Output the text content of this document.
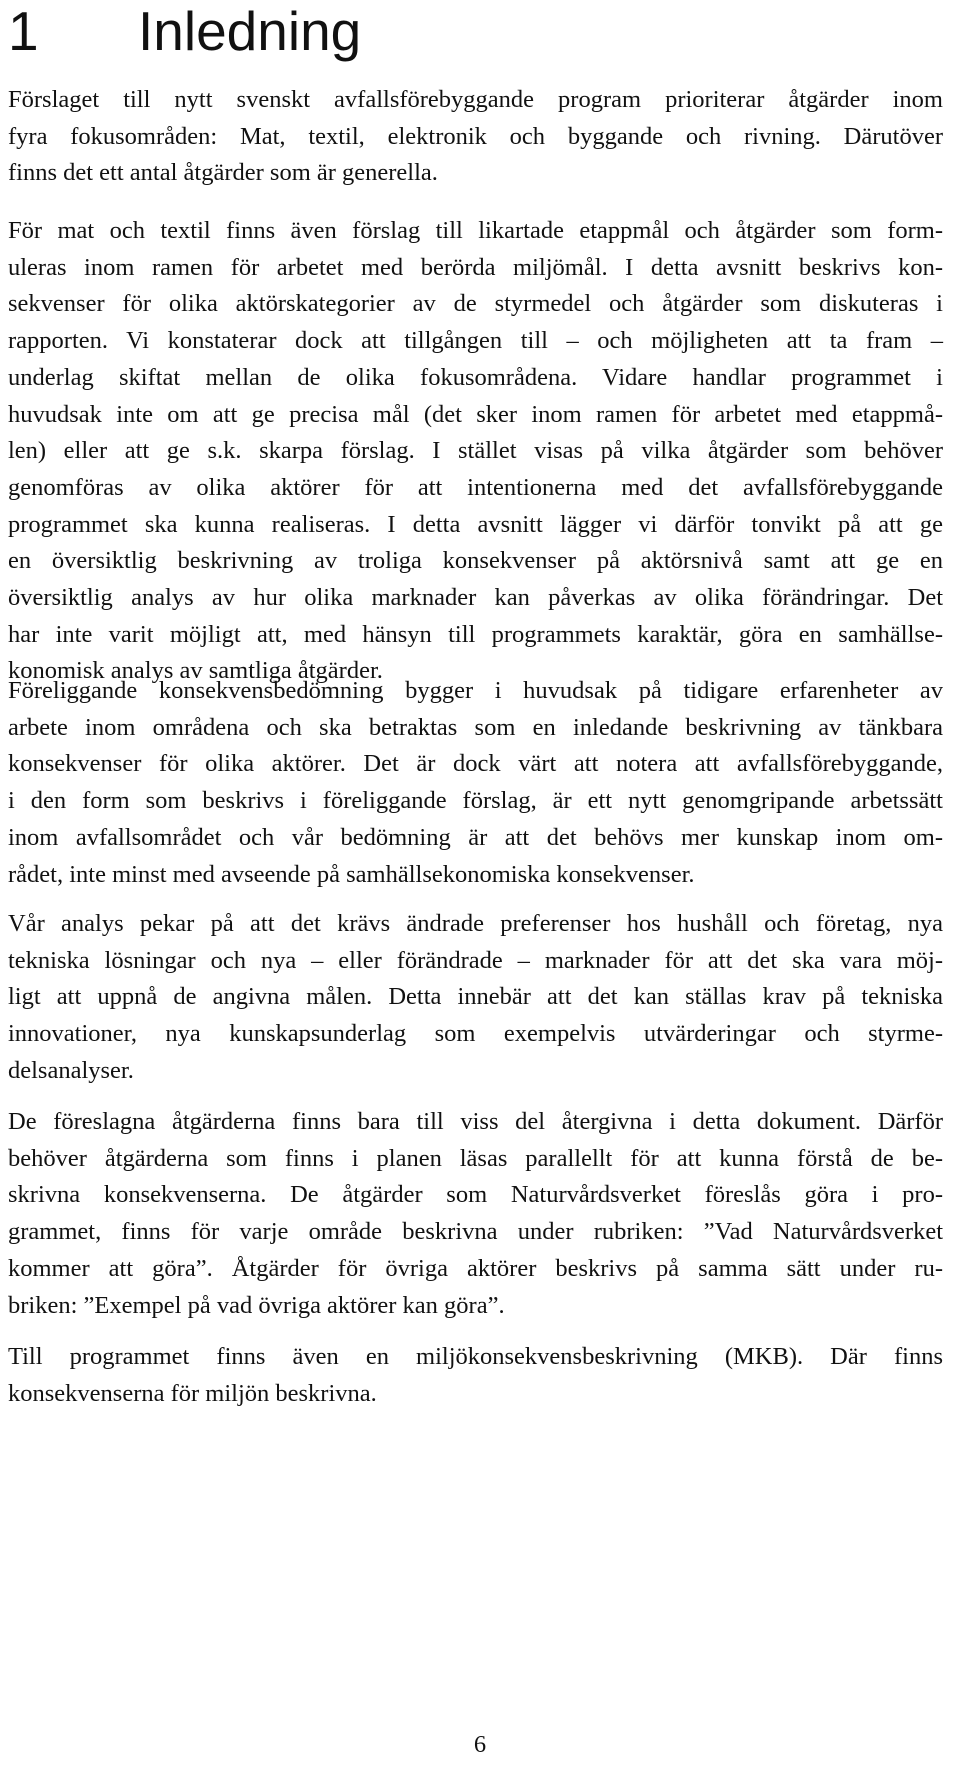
1 Inledning

Förslaget till nytt svenskt avfallsförebyggande program prioriterar åtgärder inom
fyra fokusområden: Mat, textil, elektronik och byggande och rivning. Därutöver
finns det ett antal åtgärder som är generella.

För mat och textil finns även förslag till likartade etappmål och åtgärder som form-
uleras inom ramen för arbetet med berörda miljömål. I detta avsnitt beskrivs kon-
sekvenser för olika aktörskategorier av de styrmedel och åtgärder som diskuteras i
rapporten. Vi konstaterar dock att tillgången till – och möjligheten att ta fram –
underlag skiftat mellan de olika fokusområdena. Vidare handlar programmet i
huvudsak inte om att ge precisa mål (det sker inom ramen för arbetet med etappmå-
len) eller att ge s.k. skarpa förslag. I stället visas på vilka åtgärder som behöver
genomföras av olika aktörer för att intentionerna med det avfallsförebyggande
programmet ska kunna realiseras. I detta avsnitt lägger vi därför tonvikt på att ge
en översiktlig beskrivning av troliga konsekvenser på aktörsnivå samt att ge en
översiktlig analys av hur olika marknader kan påverkas av olika förändringar. Det
har inte varit möjligt att, med hänsyn till programmets karaktär, göra en samhällse-
konomisk analys av samtliga åtgärder.

Föreliggande konsekvensbedömning bygger i huvudsak på tidigare erfarenheter av
arbete inom områdena och ska betraktas som en inledande beskrivning av tänkbara
konsekvenser för olika aktörer. Det är dock värt att notera att avfallsförebyggande,
i den form som beskrivs i föreliggande förslag, är ett nytt genomgripande arbetssätt
inom avfallsområdet och vår bedömning är att det behövs mer kunskap inom om-
rådet, inte minst med avseende på samhällsekonomiska konsekvenser.

Vår analys pekar på att det krävs ändrade preferenser hos hushåll och företag, nya
tekniska lösningar och nya – eller förändrade – marknader för att det ska vara möj-
ligt att uppnå de angivna målen. Detta innebär att det kan ställas krav på tekniska
innovationer, nya kunskapsunderlag som exempelvis utvärderingar och styrme-
delsanalyser.

De föreslagna åtgärderna finns bara till viss del återgivna i detta dokument. Därför
behöver åtgärderna som finns i planen läsas parallellt för att kunna förstå de be-
skrivna konsekvenserna. De åtgärder som Naturvårdsverket föreslås göra i pro-
grammet, finns för varje område beskrivna under rubriken: ”Vad Naturvårdsverket
kommer att göra”. Åtgärder för övriga aktörer beskrivs på samma sätt under ru-
briken: ”Exempel på vad övriga aktörer kan göra”.

Till programmet finns även en miljökonsekvensbeskrivning (MKB). Där finns
konsekvenserna för miljön beskrivna.

6
